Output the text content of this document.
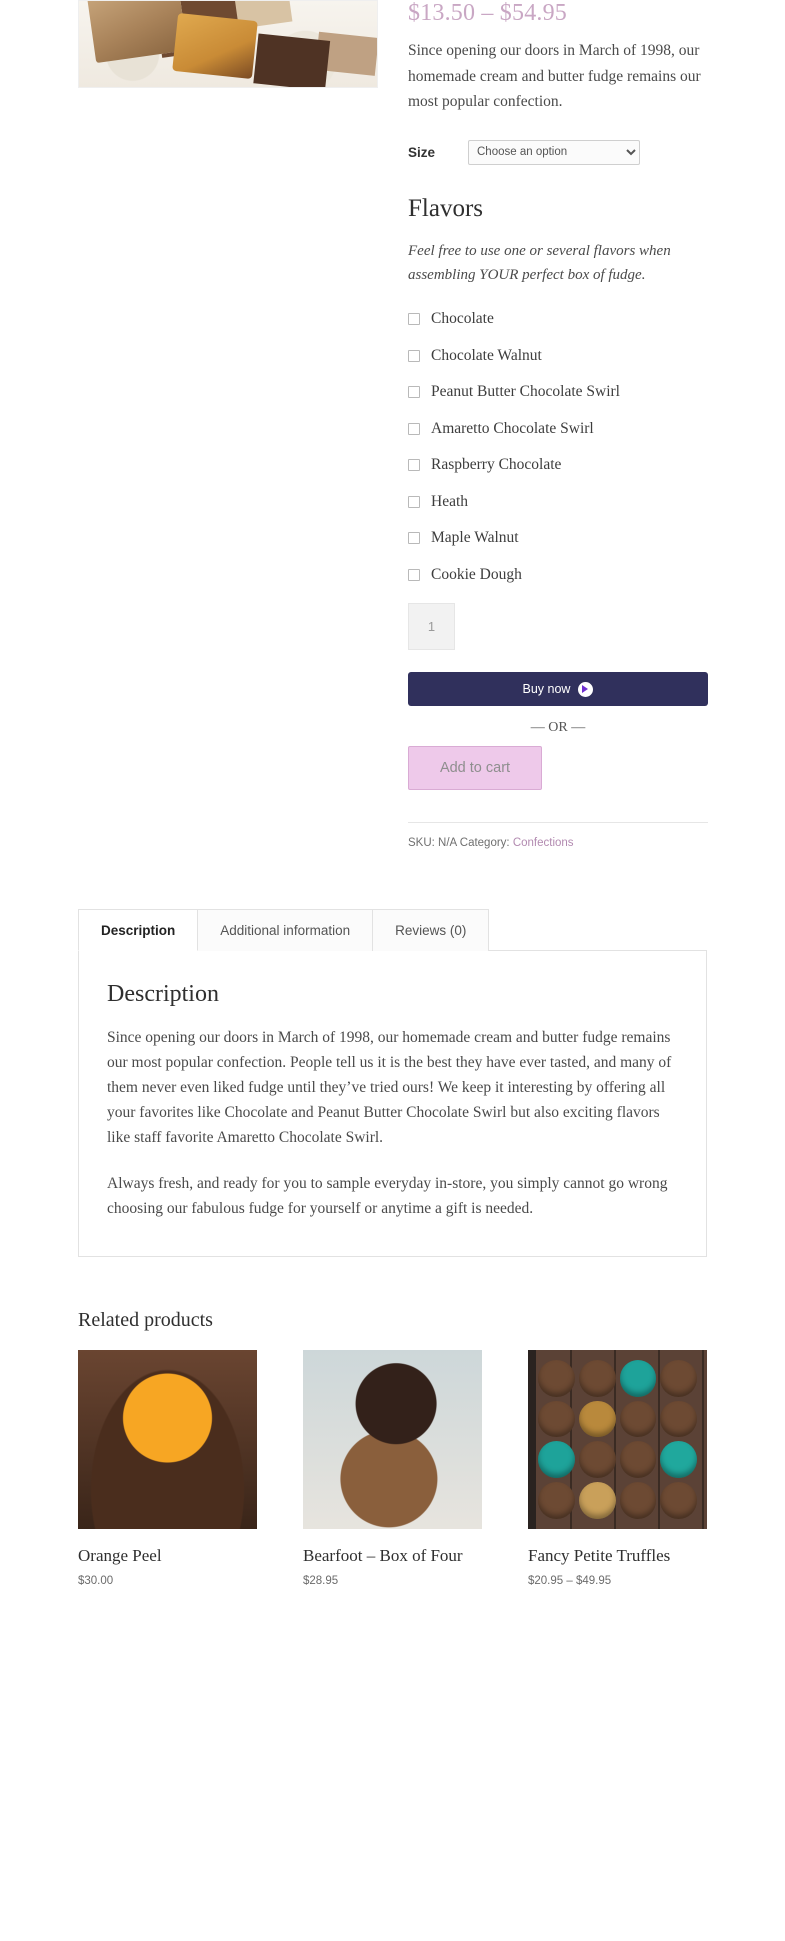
$13.50 – $54.95

Since opening our doors in March of 1998, our homemade cream and butter fudge remains our most popular confection.

Size
Choose an option
Flavors

Feel free to use one or several flavors when assembling YOUR perfect box of fudge.

Chocolate
Chocolate Walnut
Peanut Butter Chocolate Swirl
Amaretto Chocolate Swirl
Raspberry Chocolate
Heath
Maple Walnut
Cookie Dough
1
Buy now
— OR —
Add to cart
SKU: N/A Category: Confections
Description	Additional information	Reviews (0)
Description

Since opening our doors in March of 1998, our homemade cream and butter fudge remains our most popular confection. People tell us it is the best they have ever tasted, and many of them never even liked fudge until they’ve tried ours! We keep it interesting by offering all your favorites like Chocolate and Peanut Butter Chocolate Swirl but also exciting flavors like staff favorite Amaretto Chocolate Swirl.

Always fresh, and ready for you to sample everyday in-store, you simply cannot go wrong choosing our fabulous fudge for yourself or anytime a gift is needed.

Related products
Orange Peel
$30.00
Bearfoot – Box of Four
$28.95
Fancy Petite Truffles
$20.95 – $49.95
